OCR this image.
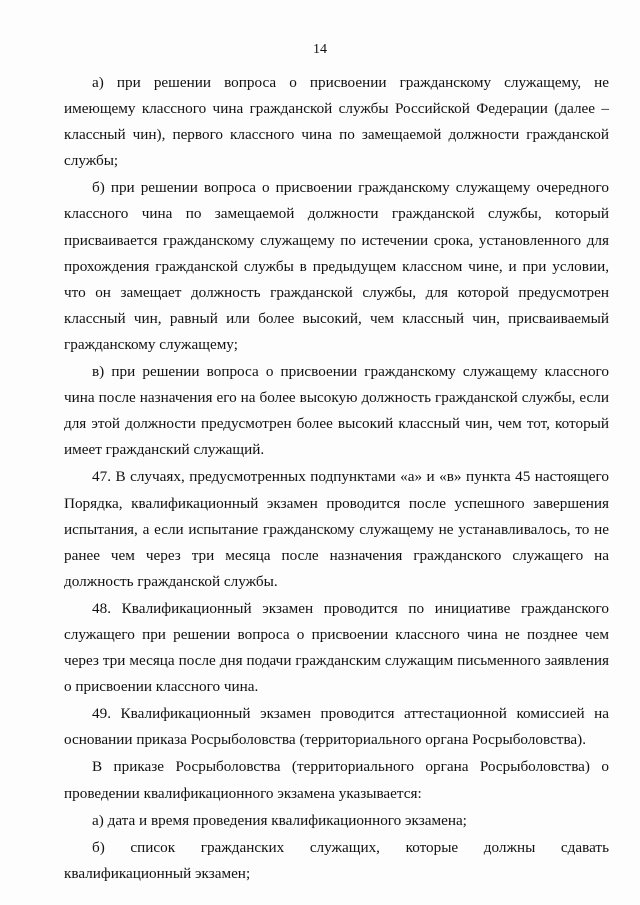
14

а) при решении вопроса о присвоении гражданскому служащему, не имеющему классного чина гражданской службы Российской Федерации (далее – классный чин), первого классного чина по замещаемой должности гражданской службы;

б) при решении вопроса о присвоении гражданскому служащему очередного классного чина по замещаемой должности гражданской службы, который присваивается гражданскому служащему по истечении срока, установленного для прохождения гражданской службы в предыдущем классном чине, и при условии, что он замещает должность гражданской службы, для которой предусмотрен классный чин, равный или более высокий, чем классный чин, присваиваемый гражданскому служащему;

в) при решении вопроса о присвоении гражданскому служащему классного чина после назначения его на более высокую должность гражданской службы, если для этой должности предусмотрен более высокий классный чин, чем тот, который имеет гражданский служащий.

47. В случаях, предусмотренных подпунктами «а» и «в» пункта 45 настоящего Порядка, квалификационный экзамен проводится после успешного завершения испытания, а если испытание гражданскому служащему не устанавливалось, то не ранее чем через три месяца после назначения гражданского служащего на должность гражданской службы.

48. Квалификационный экзамен проводится по инициативе гражданского служащего при решении вопроса о присвоении классного чина не позднее чем через три месяца после дня подачи гражданским служащим письменного заявления о присвоении классного чина.

49. Квалификационный экзамен проводится аттестационной комиссией на основании приказа Росрыболовства (территориального органа Росрыболовства).

В приказе Росрыболовства (территориального органа Росрыболовства) о проведении квалификационного экзамена указывается:

а) дата и время проведения квалификационного экзамена;

б) список гражданских служащих, которые должны сдавать квалификационный экзамен;
